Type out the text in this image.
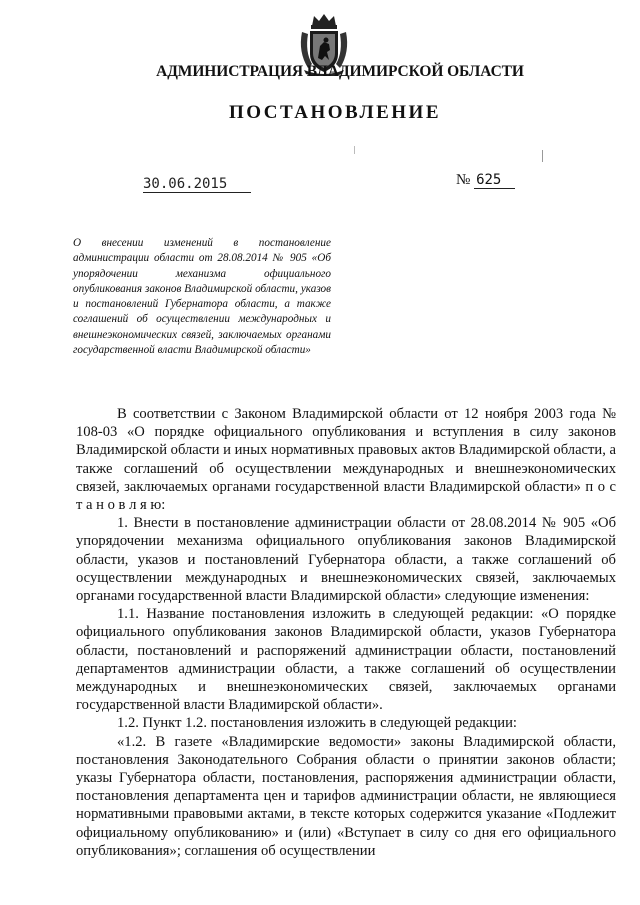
АДМИНИСТРАЦИЯ ВЛАДИМИРСКОЙ ОБЛАСТИ
ПОСТАНОВЛЕНИЕ
30.06.2015	№ 625
О внесении изменений в постановление администрации области от 28.08.2014 № 905 «Об упорядочении механизма официального опубликования законов Владимирской области, указов и постановлений Губернатора области, а также соглашений об осуществлении международных и внешнеэкономических связей, заключаемых органами государственной власти Владимирской области»

В соответствии с Законом Владимирской области от 12 ноября 2003 года № 108-03 «О порядке официального опубликования и вступления в силу законов Владимирской области и иных нормативных правовых актов Владимирской области, а также соглашений об осуществлении международных и внешнеэкономических связей, заключаемых органами государственной власти Владимирской области» п о с т а н о в л я ю:

1. Внести в постановление администрации области от 28.08.2014 № 905 «Об упорядочении механизма официального опубликования законов Владимирской области, указов и постановлений Губернатора области, а также соглашений об осуществлении международных и внешнеэкономических связей, заключаемых органами государственной власти Владимирской области» следующие изменения:

1.1. Название постановления изложить в следующей редакции: «О порядке официального опубликования законов Владимирской области, указов Губернатора области, постановлений и распоряжений администрации области, постановлений департаментов администрации области, а также соглашений об осуществлении международных и внешнеэкономических связей, заключаемых органами государственной власти Владимирской области».

1.2. Пункт 1.2. постановления изложить в следующей редакции:

«1.2. В газете «Владимирские ведомости» законы Владимирской области, постановления Законодательного Собрания области о принятии законов области; указы Губернатора области, постановления, распоряжения администрации области, постановления департамента цен и тарифов администрации области, не являющиеся нормативными правовыми актами, в тексте которых содержится указание «Подлежит официальному опубликованию» и (или) «Вступает в силу со дня его официального опубликования»; соглашения об осуществлении
